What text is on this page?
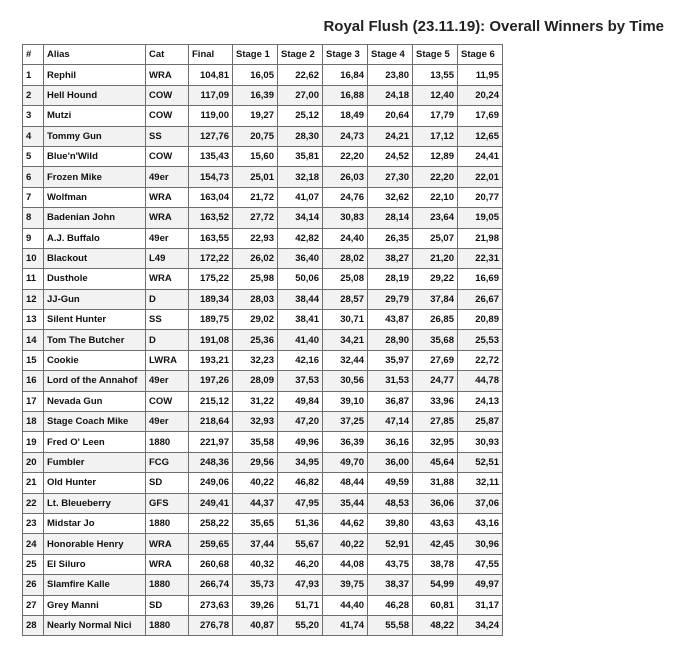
Royal Flush (23.11.19): Overall Winners by Time
#	Alias	Cat	Final	Stage 1	Stage 2	Stage 3	Stage 4	Stage 5	Stage 6
1	Rephil	WRA	104,81	16,05	22,62	16,84	23,80	13,55	11,95
2	Hell Hound	COW	117,09	16,39	27,00	16,88	24,18	12,40	20,24
3	Mutzi	COW	119,00	19,27	25,12	18,49	20,64	17,79	17,69
4	Tommy Gun	SS	127,76	20,75	28,30	24,73	24,21	17,12	12,65
5	Blue'n'Wild	COW	135,43	15,60	35,81	22,20	24,52	12,89	24,41
6	Frozen Mike	49er	154,73	25,01	32,18	26,03	27,30	22,20	22,01
7	Wolfman	WRA	163,04	21,72	41,07	24,76	32,62	22,10	20,77
8	Badenian John	WRA	163,52	27,72	34,14	30,83	28,14	23,64	19,05
9	A.J. Buffalo	49er	163,55	22,93	42,82	24,40	26,35	25,07	21,98
10	Blackout	L49	172,22	26,02	36,40	28,02	38,27	21,20	22,31
11	Dusthole	WRA	175,22	25,98	50,06	25,08	28,19	29,22	16,69
12	JJ-Gun	D	189,34	28,03	38,44	28,57	29,79	37,84	26,67
13	Silent Hunter	SS	189,75	29,02	38,41	30,71	43,87	26,85	20,89
14	Tom The Butcher	D	191,08	25,36	41,40	34,21	28,90	35,68	25,53
15	Cookie	LWRA	193,21	32,23	42,16	32,44	35,97	27,69	22,72
16	Lord of the Annahof	49er	197,26	28,09	37,53	30,56	31,53	24,77	44,78
17	Nevada Gun	COW	215,12	31,22	49,84	39,10	36,87	33,96	24,13
18	Stage Coach Mike	49er	218,64	32,93	47,20	37,25	47,14	27,85	25,87
19	Fred O' Leen	1880	221,97	35,58	49,96	36,39	36,16	32,95	30,93
20	Fumbler	FCG	248,36	29,56	34,95	49,70	36,00	45,64	52,51
21	Old Hunter	SD	249,06	40,22	46,82	48,44	49,59	31,88	32,11
22	Lt. Bleueberry	GFS	249,41	44,37	47,95	35,44	48,53	36,06	37,06
23	Midstar Jo	1880	258,22	35,65	51,36	44,62	39,80	43,63	43,16
24	Honorable Henry	WRA	259,65	37,44	55,67	40,22	52,91	42,45	30,96
25	El Siluro	WRA	260,68	40,32	46,20	44,08	43,75	38,78	47,55
26	Slamfire Kalle	1880	266,74	35,73	47,93	39,75	38,37	54,99	49,97
27	Grey Manni	SD	273,63	39,26	51,71	44,40	46,28	60,81	31,17
28	Nearly Normal Nici	1880	276,78	40,87	55,20	41,74	55,58	48,22	34,24
